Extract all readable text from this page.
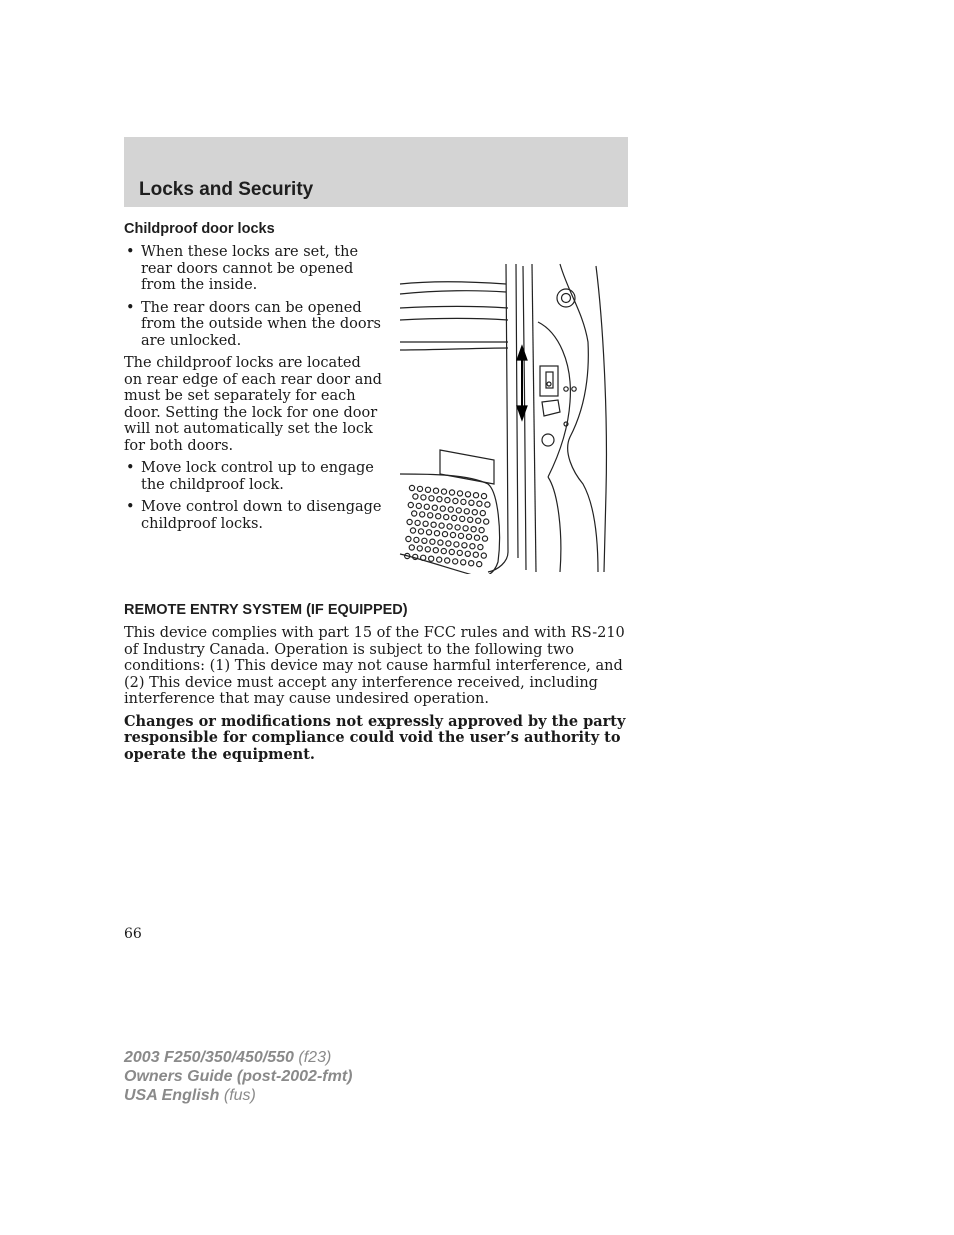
Locks and Security
Childproof door locks
• When these locks are set, the rear doors cannot be opened from the inside.
• The rear doors can be opened from the outside when the doors are unlocked.

The childproof locks are located on rear edge of each rear door and must be set separately for each door. Setting the lock for one door will not automatically set the lock for both doors.

• Move lock control up to engage the childproof lock.
• Move control down to disengage childproof locks.
REMOTE ENTRY SYSTEM (IF EQUIPPED)

This device complies with part 15 of the FCC rules and with RS-210 of Industry Canada. Operation is subject to the following two conditions: (1) This device may not cause harmful interference, and (2) This device must accept any interference received, including interference that may cause undesired operation.

Changes or modifications not expressly approved by the party responsible for compliance could void the user’s authority to operate the equipment.

66
2003 F250/350/450/550 (f23)
Owners Guide (post-2002-fmt)
USA English (fus)
